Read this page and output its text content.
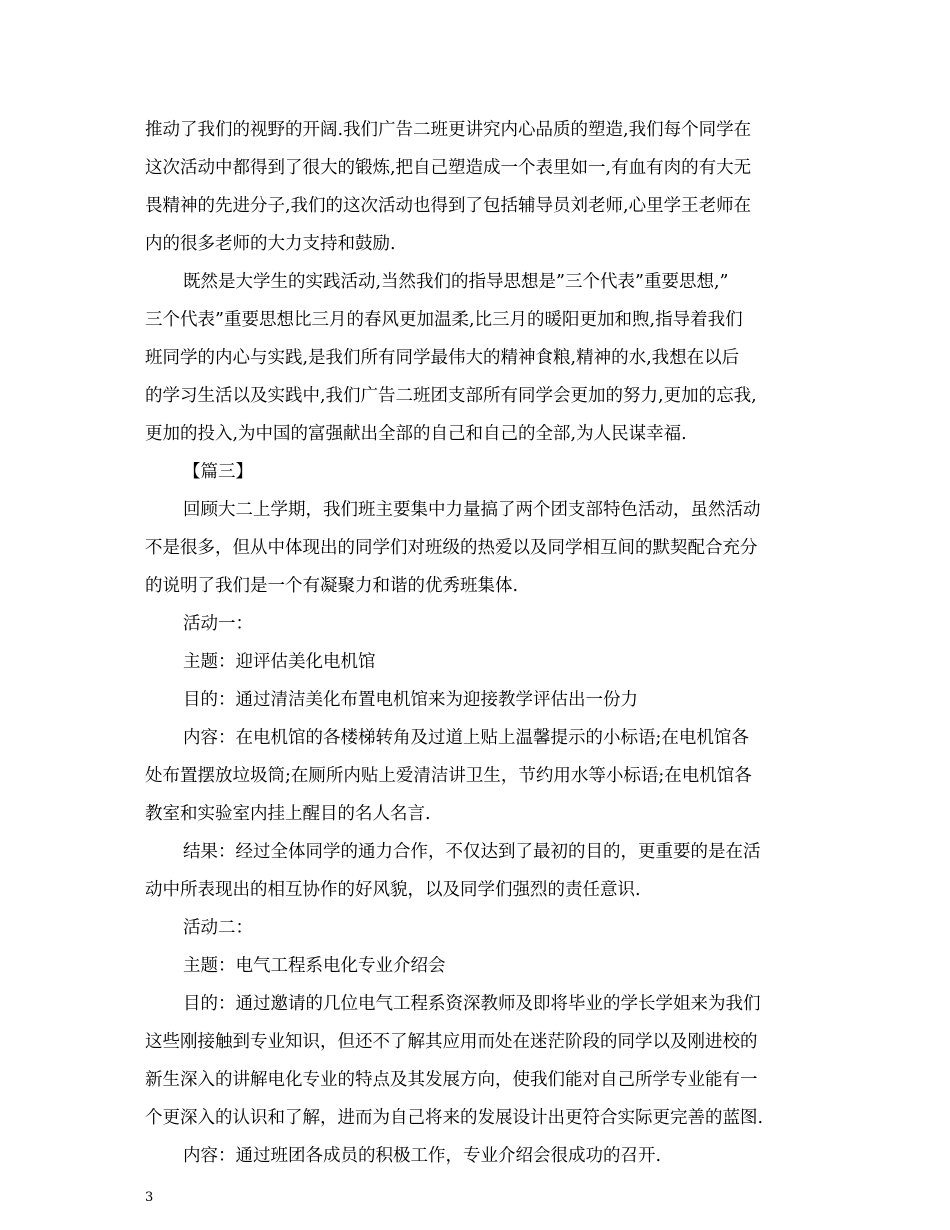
推动了我们的视野的开阔.我们广告二班更讲究内心品质的塑造,我们每个同学在
这次活动中都得到了很大的锻炼,把自己塑造成一个表里如一,有血有肉的有大无
畏精神的先进分子,我们的这次活动也得到了包括辅导员刘老师,心里学王老师在
内的很多老师的大力支持和鼓励.
既然是大学生的实践活动,当然我们的指导思想是”三个代表”重要思想,”
三个代表”重要思想比三月的春风更加温柔,比三月的暖阳更加和煦,指导着我们
班同学的内心与实践,是我们所有同学最伟大的精神食粮,精神的水,我想在以后
的学习生活以及实践中,我们广告二班团支部所有同学会更加的努力,更加的忘我,
更加的投入,为中国的富强献出全部的自己和自己的全部,为人民谋幸福.
【篇三】
回顾大二上学期，我们班主要集中力量搞了两个团支部特色活动，虽然活动
不是很多，但从中体现出的同学们对班级的热爱以及同学相互间的默契配合充分
的说明了我们是一个有凝聚力和谐的优秀班集体.
活动一：
主题：迎评估美化电机馆
目的：通过清洁美化布置电机馆来为迎接教学评估出一份力
内容：在电机馆的各楼梯转角及过道上贴上温馨提示的小标语;在电机馆各
处布置摆放垃圾筒;在厕所内贴上爱清洁讲卫生，节约用水等小标语;在电机馆各
教室和实验室内挂上醒目的名人名言.
结果：经过全体同学的通力合作，不仅达到了最初的目的，更重要的是在活
动中所表现出的相互协作的好风貌，以及同学们强烈的责任意识.
活动二：
主题：电气工程系电化专业介绍会
目的：通过邀请的几位电气工程系资深教师及即将毕业的学长学姐来为我们
这些刚接触到专业知识，但还不了解其应用而处在迷茫阶段的同学以及刚进校的
新生深入的讲解电化专业的特点及其发展方向，使我们能对自己所学专业能有一
个更深入的认识和了解，进而为自己将来的发展设计出更符合实际更完善的蓝图.
内容：通过班团各成员的积极工作，专业介绍会很成功的召开.
3
